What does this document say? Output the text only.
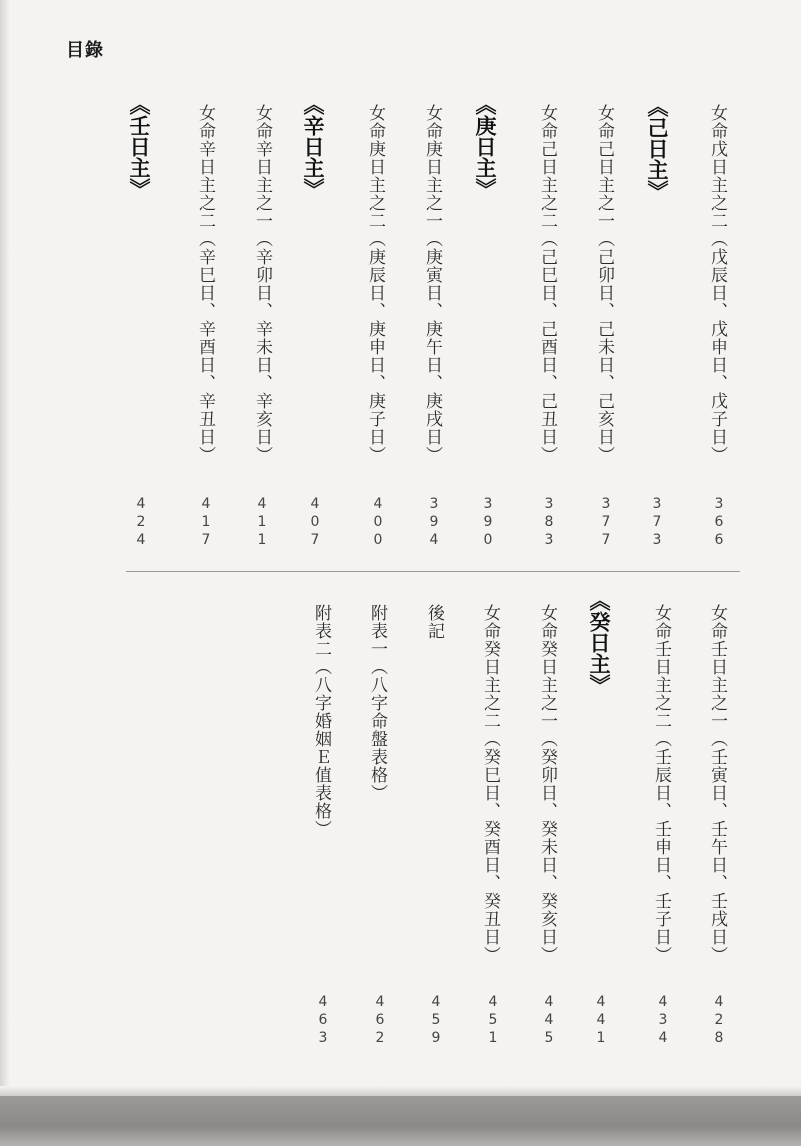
目錄
女命戊日主之二（戊辰日、戊申日、戊子日）
366
《己日主》
373
女命己日主之一（己卯日、己未日、己亥日）
377
女命己日主之二（己巳日、己酉日、己丑日）
383
《庚日主》
390
女命庚日主之一（庚寅日、庚午日、庚戌日）
394
女命庚日主之二（庚辰日、庚申日、庚子日）
400
《辛日主》
407
女命辛日主之一（辛卯日、辛未日、辛亥日）
411
女命辛日主之二（辛巳日、辛酉日、辛丑日）
417
《壬日主》
424
女命壬日主之一（壬寅日、壬午日、壬戌日）
428
女命壬日主之二（壬辰日、壬申日、壬子日）
434
《癸日主》
441
女命癸日主之一（癸卯日、癸未日、癸亥日）
445
女命癸日主之二（癸巳日、癸酉日、癸丑日）
451
後記
459
附表一（八字命盤表格）
462
附表二（八字婚姻Ｅ值表格）
463
